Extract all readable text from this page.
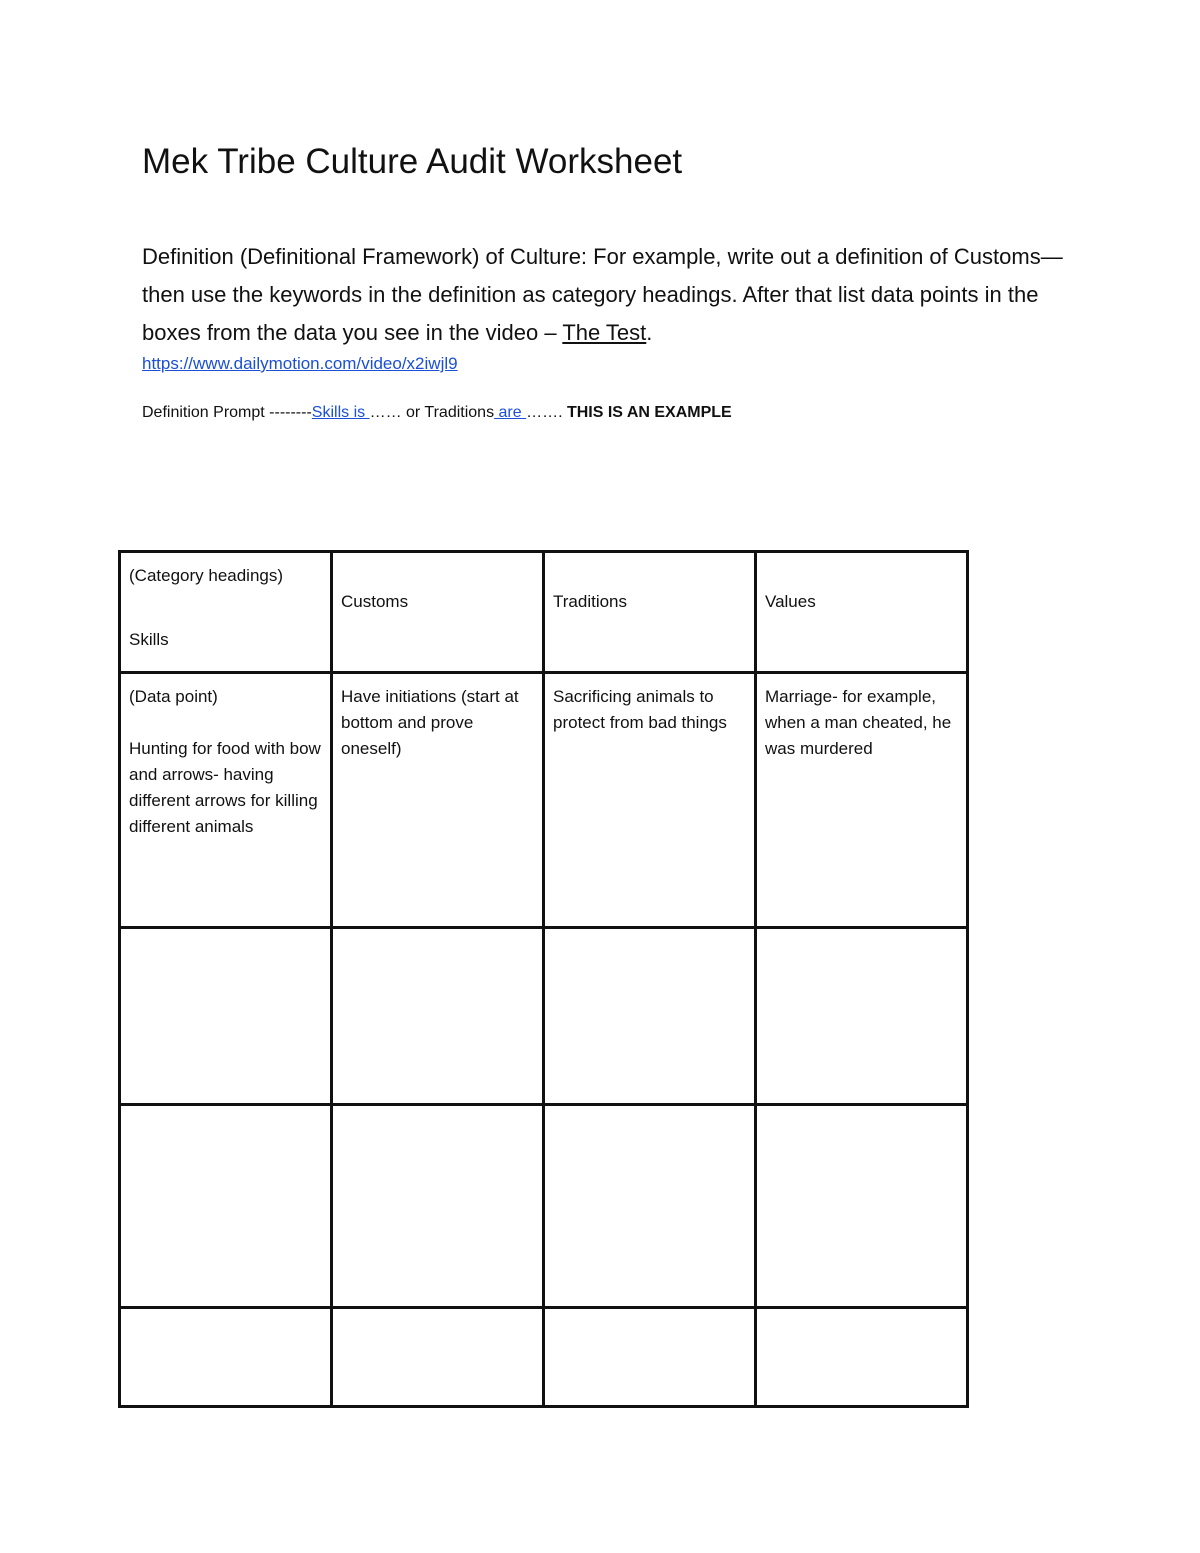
Mek Tribe Culture Audit Worksheet

Definition (Definitional Framework) of Culture: For example, write out a definition of Customs— then use the keywords in the definition as category headings. After that list data points in the boxes from the data you see in the video – The Test.

https://www.dailymotion.com/video/x2iwjl9
Definition Prompt --------Skills is …… or Traditions are ……. THIS IS AN EXAMPLE
(Category headings)
Skills	Customs	Traditions	Values

(Data point)
Hunting for food with bow and arrows- having different arrows for killing different animals	Have initiations (start at bottom and prove oneself)	Sacrificing animals to protect from bad things	Marriage- for example, when a man cheated, he was murdered
